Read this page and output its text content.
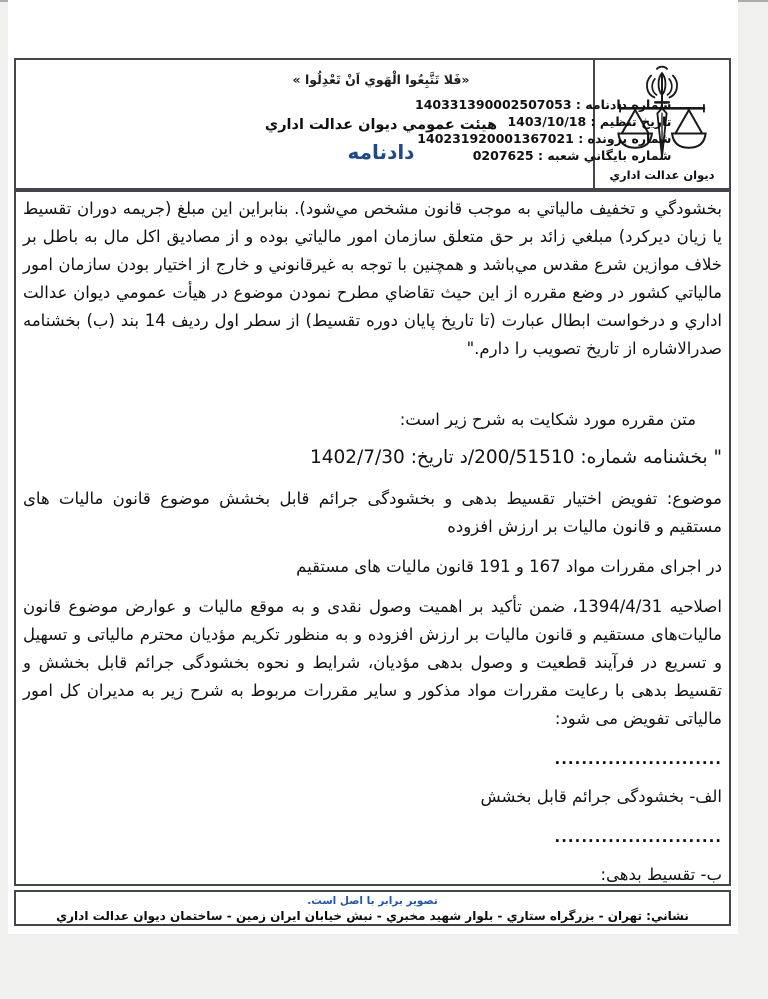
ديوان عدالت اداري
«فَلا تَتَّبِعُوا الْهَوي اَنْ تَعْدِلُوا »
هيئت عمومي ديوان عدالت اداري
دادنامه
شماره دادنامه : 140331390002507053
تاريخ تنظيم : 1403/10/18
شماره پرونده : 140231920001367021
شماره بايگاني شعبه : 0207625

بخشودگي و تخفيف مالياتي به موجب قانون مشخص مي‌شود). بنابراين اين مبلغ (جريمه دوران تقسيط يا زيان ديركرد) مبلغي زائد بر حق متعلق سازمان امور مالياتي بوده و از مصاديق اكل مال به باطل بر خلاف موازين شرع مقدس مي‌باشد و همچنين با توجه به غيرقانوني و خارج از اختيار بودن سازمان امور مالياتي كشور در وضع مقرره از اين حيث تقاضاي مطرح نمودن موضوع در هيأت عمومي ديوان عدالت اداري و درخواست ابطال عبارت (تا تاريخ پايان دوره تقسيط) از سطر اول رديف 14 بند (ب) بخشنامه صدرالاشاره از تاريخ تصويب را دارم."

متن مقرره مورد شكايت به شرح زير است:

" بخشنامه شماره: 200/51510/د تاريخ: 1402/7/30

موضوع: تفويض اختيار تقسيط بدهی و بخشودگی جرائم قابل بخشش موضوع قانون ماليات های مستقيم و قانون ماليات بر ارزش افزوده

در اجرای مقررات مواد 167 و 191 قانون ماليات های مستقيم

اصلاحيه 1394/4/31، ضمن تأكيد بر اهميت وصول نقدی و به موقع ماليات و عوارض موضوع قانون ماليات‌های مستقيم و قانون ماليات بر ارزش افزوده و به منظور تكريم مؤديان محترم مالياتی و تسهيل و تسريع در فرآيند قطعيت و وصول بدهی مؤديان، شرايط و نحوه بخشودگی جرائم قابل بخشش و تقسيط بدهی با رعايت مقررات مواد مذكور و ساير مقررات مربوط به شرح زير به مديران كل امور مالياتی تفويض می شود:

.........................

الف- بخشودگی جرائم قابل بخشش

.........................

ب- تقسيط بدهی:

تصوير برابر با اصل است.
نشاني: تهران - بزرگراه ستاري - بلوار شهيد مخبري - نبش خيابان ايران زمين - ساختمان ديوان عدالت اداري
